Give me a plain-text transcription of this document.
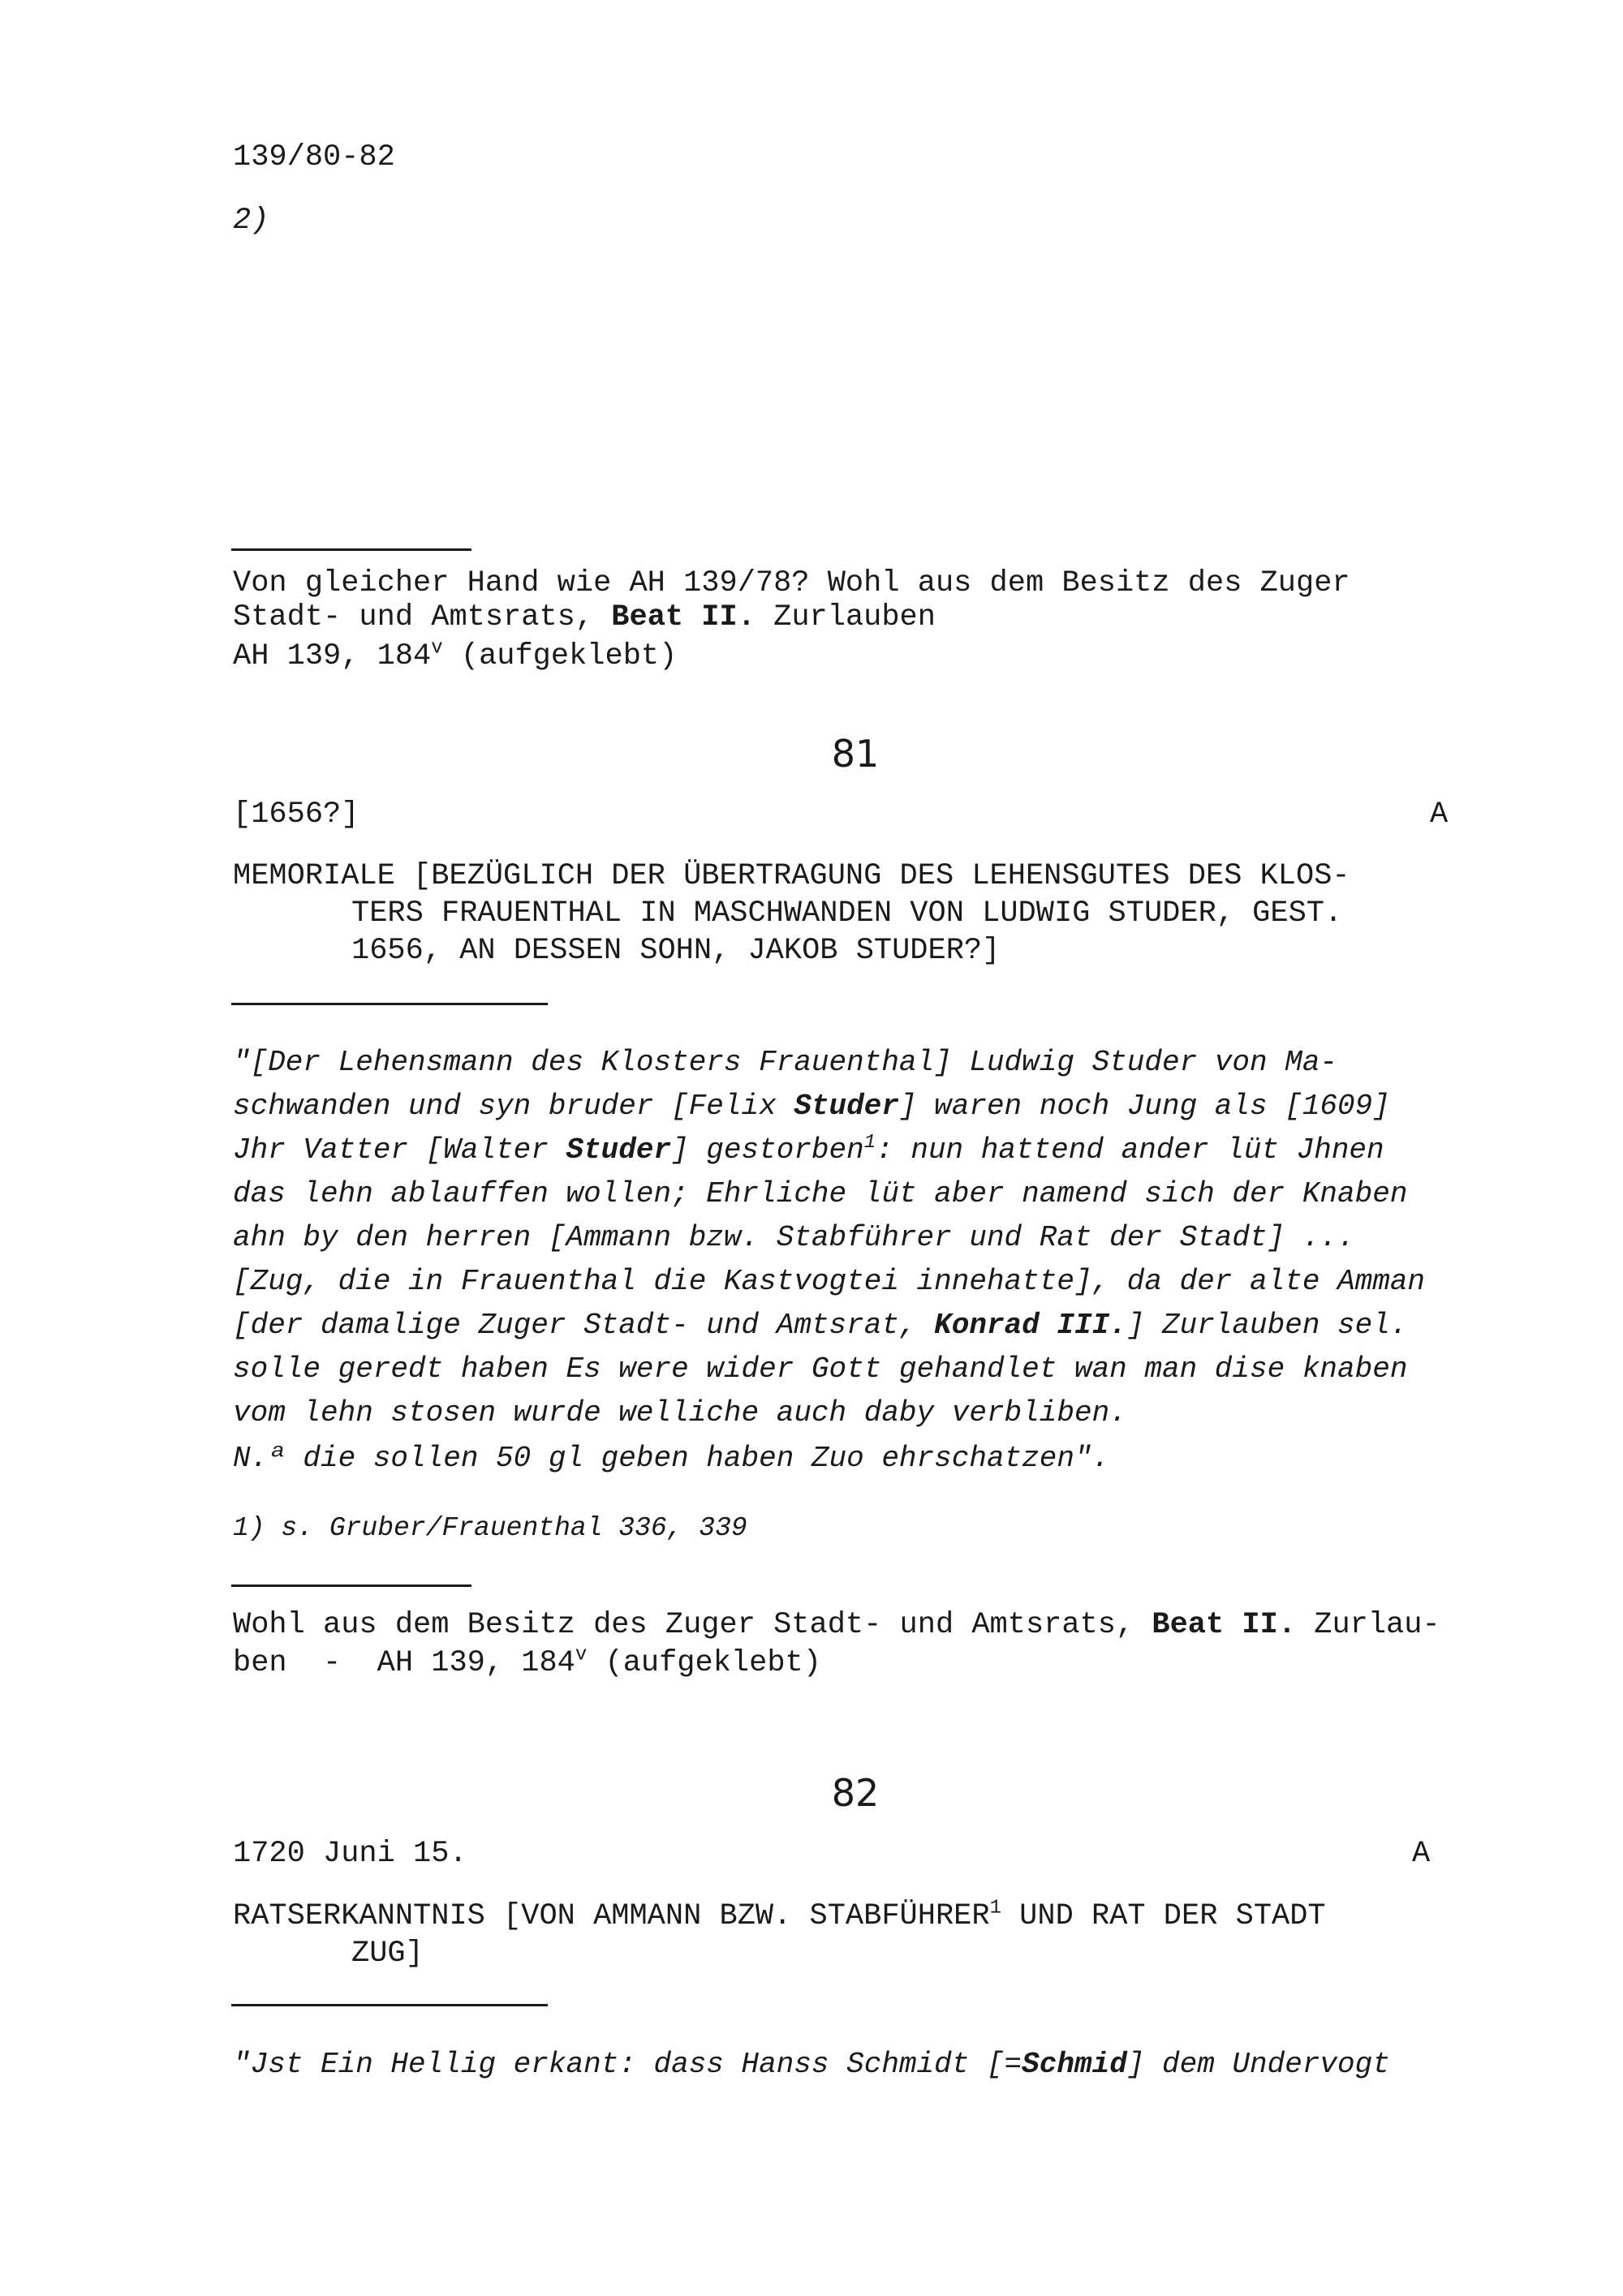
139/80-82
2)
Von gleicher Hand wie AH 139/78? Wohl aus dem Besitz des Zuger
Stadt- und Amtsrats, Beat II. Zurlauben
AH 139, 184$^v$ (aufgeklebt)
81
[1656?]	A
MEMORIALE [BEZÜGLICH DER ÜBERTRAGUNG DES LEHENSGUTES DES KLOS-
TERS FRAUENTHAL IN MASCHWANDEN VON LUDWIG STUDER, GEST.
1656, AN DESSEN SOHN, JAKOB STUDER?]
"[Der Lehensmann des Klosters Frauenthal] Ludwig Studer von Ma-
schwanden und syn bruder [Felix Studer] waren noch Jung als [1609]
Jhr Vatter [Walter Studer] gestorben$^1$: nun hattend ander lüt Jhnen
das lehn ablauffen wollen; Ehrliche lüt aber namend sich der Knaben
ahn by den herren [Ammann bzw. Stabführer und Rat der Stadt] ...
[Zug, die in Frauenthal die Kastvogtei innehatte], da der alte Amman
[der damalige Zuger Stadt- und Amtsrat, Konrad III.] Zurlauben sel.
solle geredt haben Es were wider Gott gehandlet wan man dise knaben
vom lehn stosen wurde welliche auch daby verbliben.
N.ª die sollen 50 gl geben haben Zuo ehrschatzen".
1) s. Gruber/Frauenthal 336, 339
Wohl aus dem Besitz des Zuger Stadt- und Amtsrats, Beat II. Zurlau-
ben  -  AH 139, 184$^v$ (aufgeklebt)
82
1720 Juni 15.	A
RATSERKANNTNIS [VON AMMANN BZW. STABFÜHRER$^1$ UND RAT DER STADT
ZUG]
"Jst Ein Hellig erkant: dass Hanss Schmidt [=Schmid] dem Undervogt
